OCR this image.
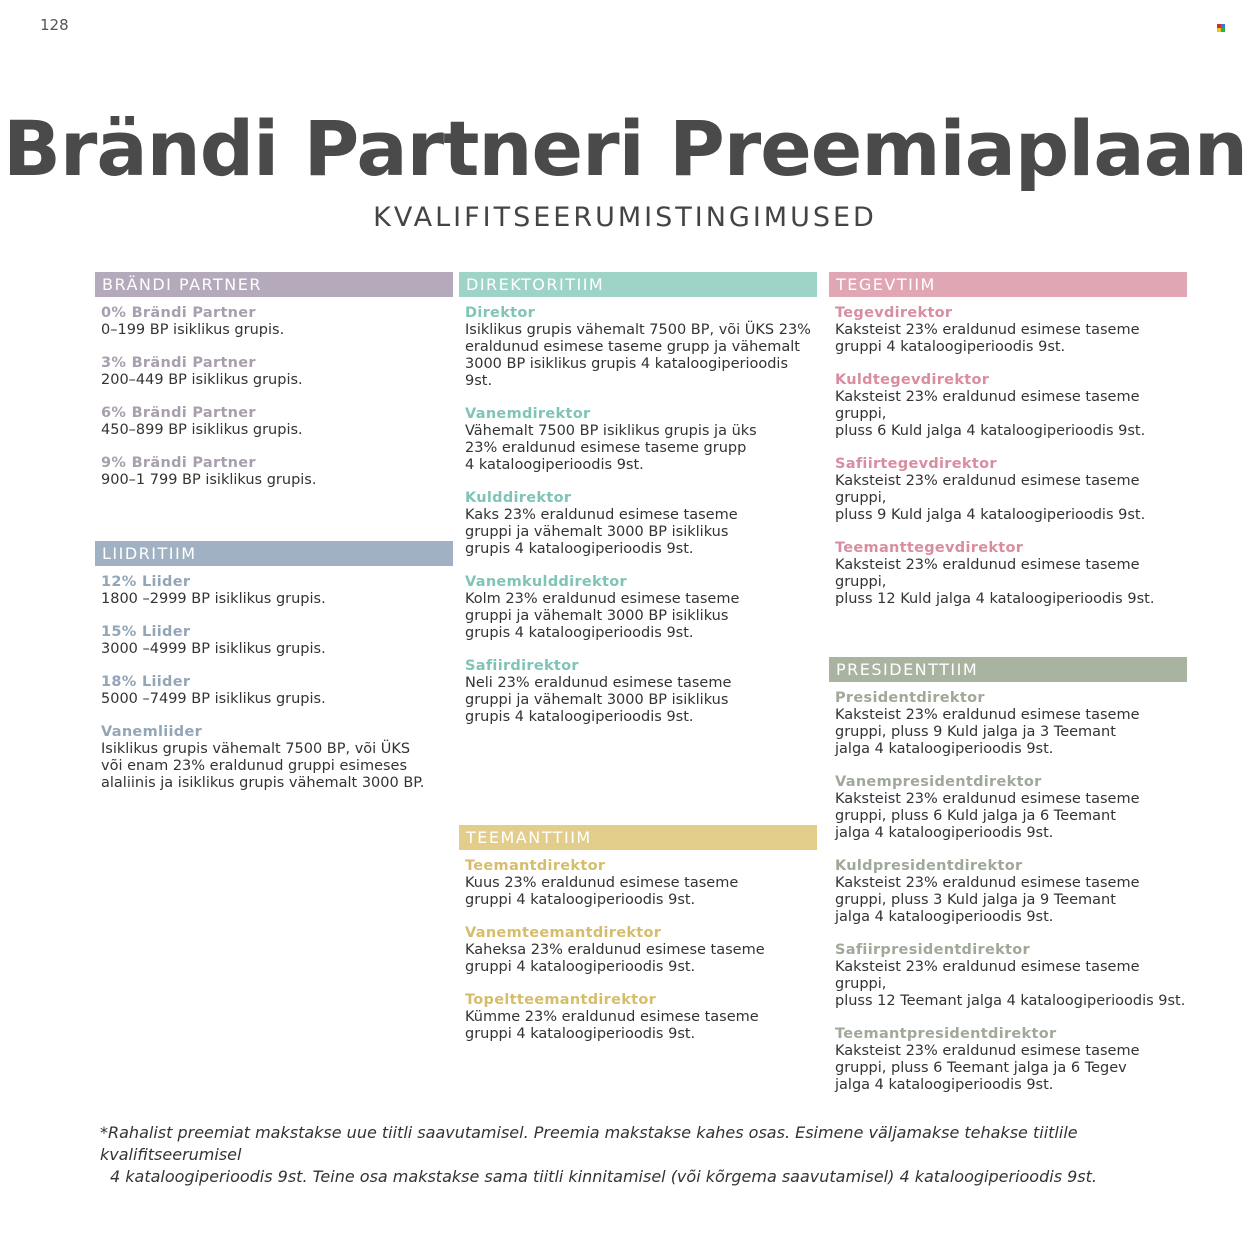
128
Brändi Partneri Preemiaplaan
KVALIFITSEERUMISTINGIMUSED
BRÄNDI PARTNER
0% Brändi Partner
0–199 BP isiklikus grupis.
3% Brändi Partner
200–449 BP isiklikus grupis.
6% Brändi Partner
450–899 BP isiklikus grupis.
9% Brändi Partner
900–1 799 BP isiklikus grupis.
LIIDRITIIM
12% Liider
1800 –2999 BP isiklikus grupis.
15% Liider
3000 –4999 BP isiklikus grupis.
18% Liider
5000 –7499 BP isiklikus grupis.
Vanemliider
Isiklikus grupis vähemalt 7500 BP, või ÜKS
või enam 23% eraldunud gruppi esimeses
alaliinis ja isiklikus grupis vähemalt 3000 BP.
DIREKTORITIIM
Direktor
Isiklikus grupis vähemalt 7500 BP, või ÜKS 23%
eraldunud esimese taseme grupp ja vähemalt
3000 BP isiklikus grupis 4 kataloogiperioodis 9st.
Vanemdirektor
Vähemalt 7500 BP isiklikus grupis ja üks
23% eraldunud esimese taseme grupp
4 kataloogiperioodis 9st.
Kulddirektor
Kaks 23% eraldunud esimese taseme
gruppi ja vähemalt 3000 BP isiklikus
grupis 4 kataloogiperioodis 9st.
Vanemkulddirektor
Kolm 23% eraldunud esimese taseme
gruppi ja vähemalt 3000 BP isiklikus
grupis 4 kataloogiperioodis 9st.
Safiirdirektor
Neli 23% eraldunud esimese taseme
gruppi ja vähemalt 3000 BP isiklikus
grupis 4 kataloogiperioodis 9st.
TEEMANTTIIM
Teemantdirektor
Kuus 23% eraldunud esimese taseme
gruppi 4 kataloogiperioodis 9st.
Vanemteemantdirektor
Kaheksa 23% eraldunud esimese taseme
gruppi 4 kataloogiperioodis 9st.
Topeltteemantdirektor
Kümme 23% eraldunud esimese taseme
gruppi 4 kataloogiperioodis 9st.
TEGEVTIIM
Tegevdirektor
Kaksteist 23% eraldunud esimese taseme
gruppi 4 kataloogiperioodis 9st.
Kuldtegevdirektor
Kaksteist 23% eraldunud esimese taseme gruppi,
pluss 6 Kuld jalga 4 kataloogiperioodis 9st.
Safiirtegevdirektor
Kaksteist 23% eraldunud esimese taseme gruppi,
pluss 9 Kuld jalga 4 kataloogiperioodis 9st.
Teemanttegevdirektor
Kaksteist 23% eraldunud esimese taseme gruppi,
pluss 12 Kuld jalga 4 kataloogiperioodis 9st.
PRESIDENTTIIM
Presidentdirektor
Kaksteist 23% eraldunud esimese taseme
gruppi, pluss 9 Kuld jalga ja 3 Teemant
jalga 4 kataloogiperioodis 9st.
Vanempresidentdirektor
Kaksteist 23% eraldunud esimese taseme
gruppi, pluss 6 Kuld jalga ja 6 Teemant
jalga 4 kataloogiperioodis 9st.
Kuldpresidentdirektor
Kaksteist 23% eraldunud esimese taseme
gruppi, pluss 3 Kuld jalga ja 9 Teemant
jalga 4 kataloogiperioodis 9st.
Safiirpresidentdirektor
Kaksteist 23% eraldunud esimese taseme gruppi,
pluss 12 Teemant jalga 4 kataloogiperioodis 9st.
Teemantpresidentdirektor
Kaksteist 23% eraldunud esimese taseme
gruppi, pluss 6 Teemant jalga ja 6 Tegev
jalga 4 kataloogiperioodis 9st.
*Rahalist preemiat makstakse uue tiitli saavutamisel. Preemia makstakse kahes osas. Esimene väljamakse tehakse tiitlile kvalifitseerumisel
4 kataloogiperioodis 9st. Teine osa makstakse sama tiitli kinnitamisel (või kõrgema saavutamisel) 4 kataloogiperioodis 9st.
